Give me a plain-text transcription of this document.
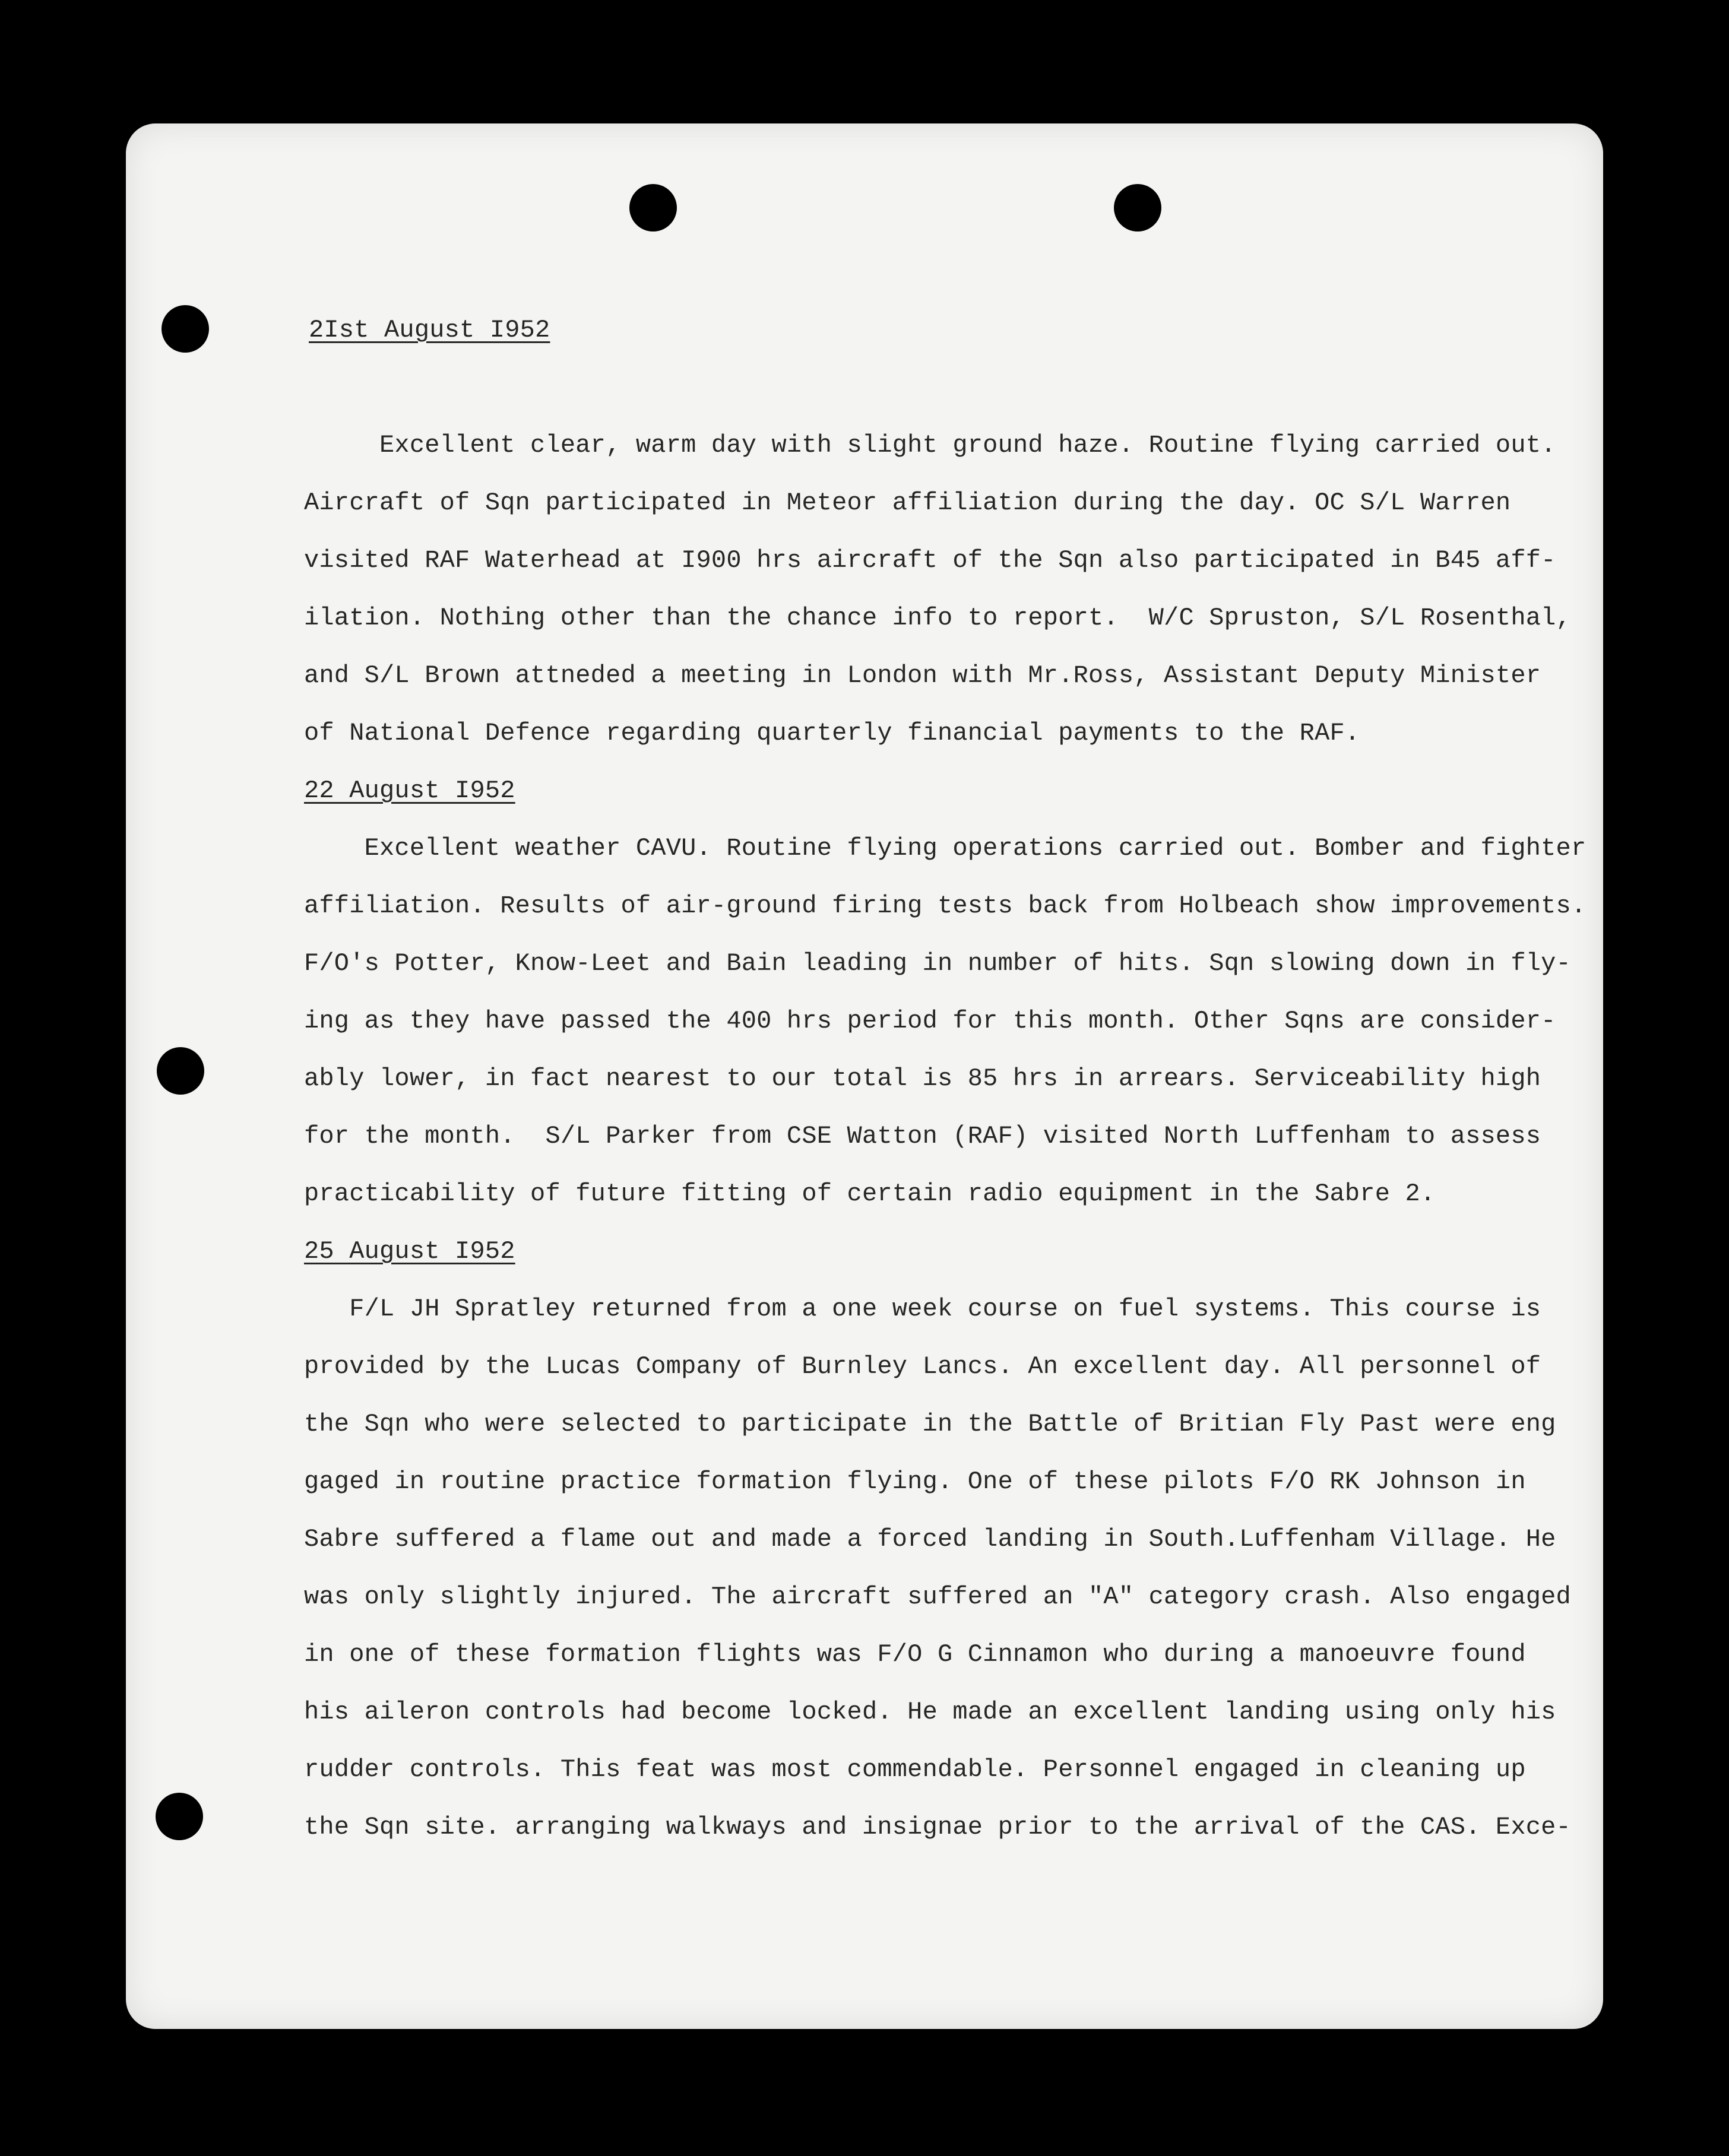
2Ist August I952
Excellent clear, warm day with slight ground haze. Routine flying carried out.
Aircraft of Sqn participated in Meteor affiliation during the day. OC S/L Warren
visited RAF Waterhead at I900 hrs aircraft of the Sqn also participated in B45 aff-
ilation. Nothing other than the chance info to report.  W/C Spruston, S/L Rosenthal,
and S/L Brown attneded a meeting in London with Mr.Ross, Assistant Deputy Minister
of National Defence regarding quarterly financial payments to the RAF.
22 August I952
Excellent weather CAVU. Routine flying operations carried out. Bomber and fighter
affiliation. Results of air-ground firing tests back from Holbeach show improvements.
F/O's Potter, Know-Leet and Bain leading in number of hits. Sqn slowing down in fly-
ing as they have passed the 400 hrs period for this month. Other Sqns are consider-
ably lower, in fact nearest to our total is 85 hrs in arrears. Serviceability high
for the month.  S/L Parker from CSE Watton (RAF) visited North Luffenham to assess
practicability of future fitting of certain radio equipment in the Sabre 2.
25 August I952
F/L JH Spratley returned from a one week course on fuel systems. This course is
provided by the Lucas Company of Burnley Lancs. An excellent day. All personnel of
the Sqn who were selected to participate in the Battle of Britian Fly Past were eng
gaged in routine practice formation flying. One of these pilots F/O RK Johnson in
Sabre suffered a flame out and made a forced landing in South.Luffenham Village. He
was only slightly injured. The aircraft suffered an "A" category crash. Also engaged
in one of these formation flights was F/O G Cinnamon who during a manoeuvre found
his aileron controls had become locked. He made an excellent landing using only his
rudder controls. This feat was most commendable. Personnel engaged in cleaning up
the Sqn site. arranging walkways and insignae prior to the arrival of the CAS. Exce-
